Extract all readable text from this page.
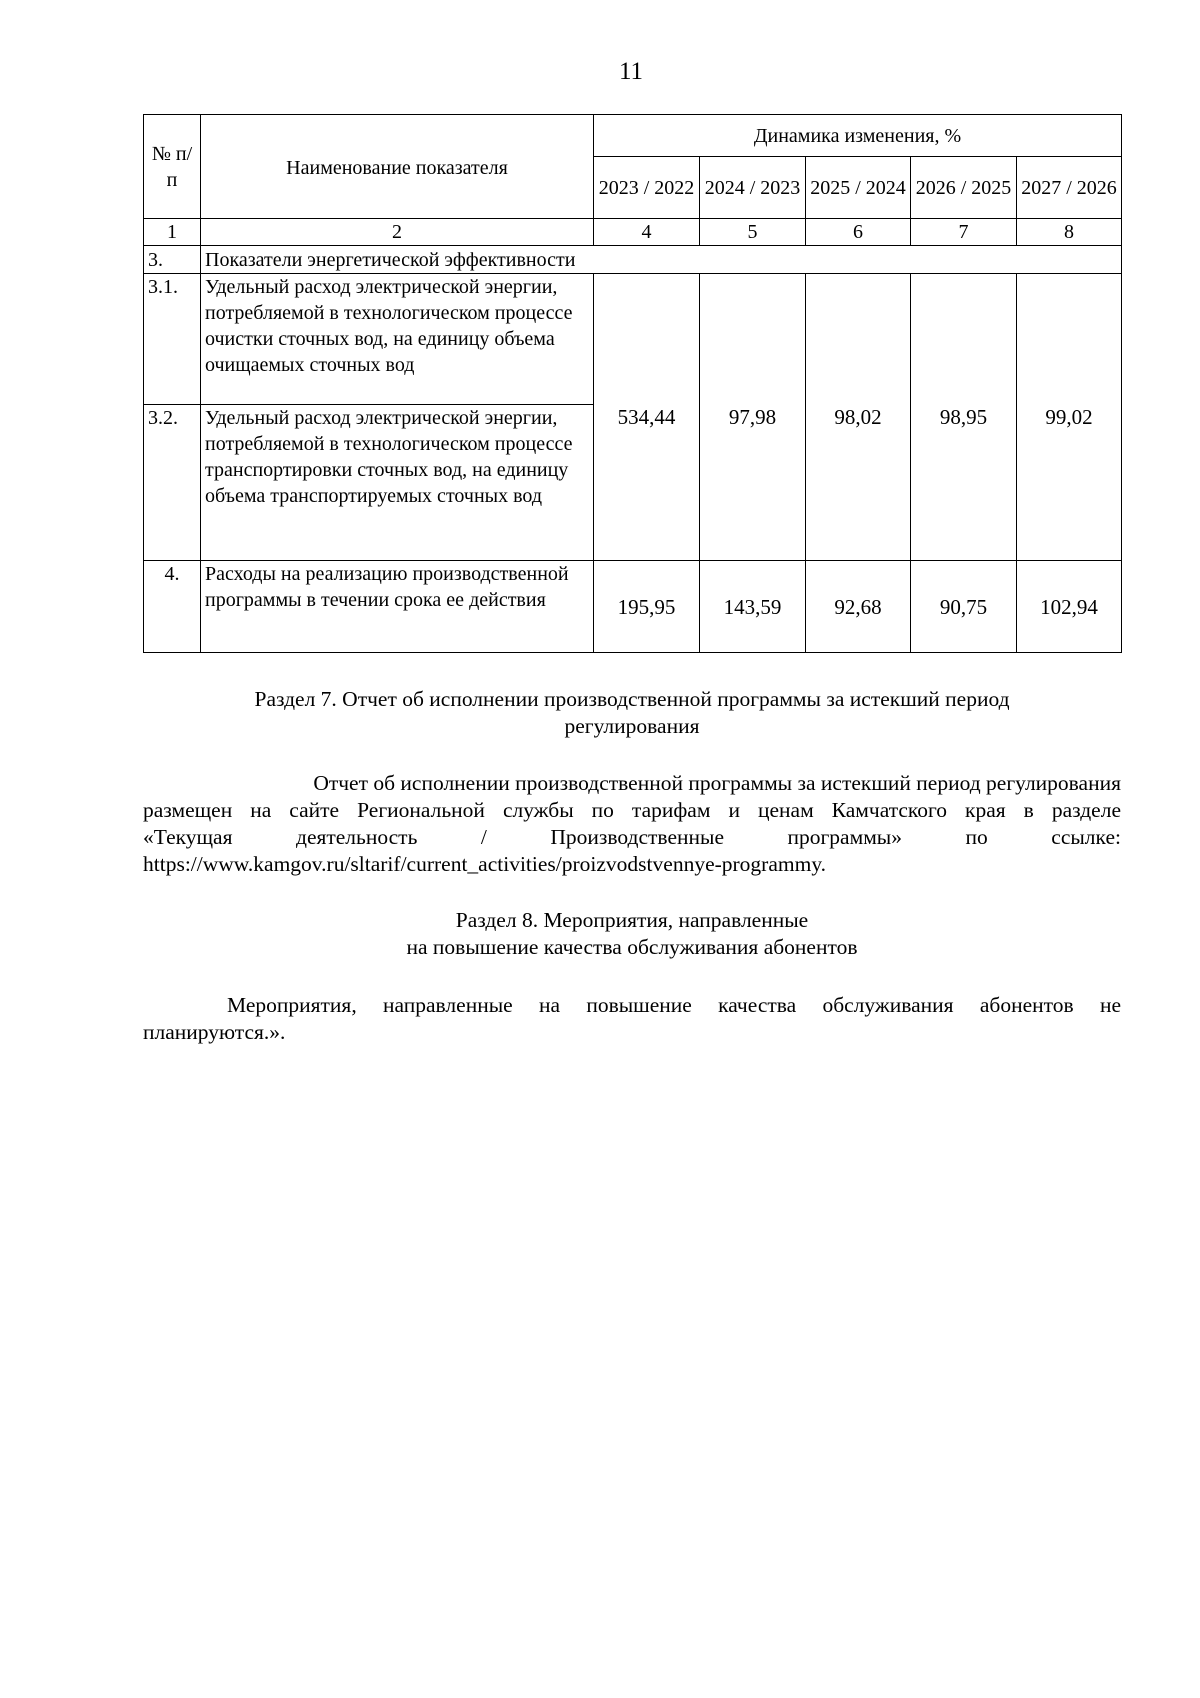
11
№ п/п	Наименование показателя	Динамика изменения, %				
		2023 / 2022	2024 / 2023	2025 / 2024	2026 / 2025	2027 / 2026
1	2	4	5	6	7	8
3.	Показатели энергетической эффективности					
3.1.	Удельный расход электрической энергии, потребляемой в технологическом процессе очистки сточных вод, на единицу объема очищаемых сточных вод	534,44	97,98	98,02	98,95	99,02
3.2.	Удельный расход электрической энергии, потребляемой в технологическом процессе транспортировки сточных вод, на единицу объема транспортируемых сточных вод					
4.	Расходы на реализацию производственной программы в течении срока ее действия	195,95	143,59	92,68	90,75	102,94
Раздел 7. Отчет об исполнении производственной программы за истекший период
регулирования
Отчет об исполнении производственной программы за истекший период регулирования
размещен на сайте Региональной службы по тарифам и ценам Камчатского края в разделе
«Текущая	деятельность	/	Производственные	программы»	по	ссылке:
https://www.kamgov.ru/sltarif/current_activities/proizvodstvennye-programmy.
Раздел 8. Мероприятия, направленные
на повышение качества обслуживания абонентов
Мероприятия, направленные на повышение качества обслуживания абонентов не
планируются.».
